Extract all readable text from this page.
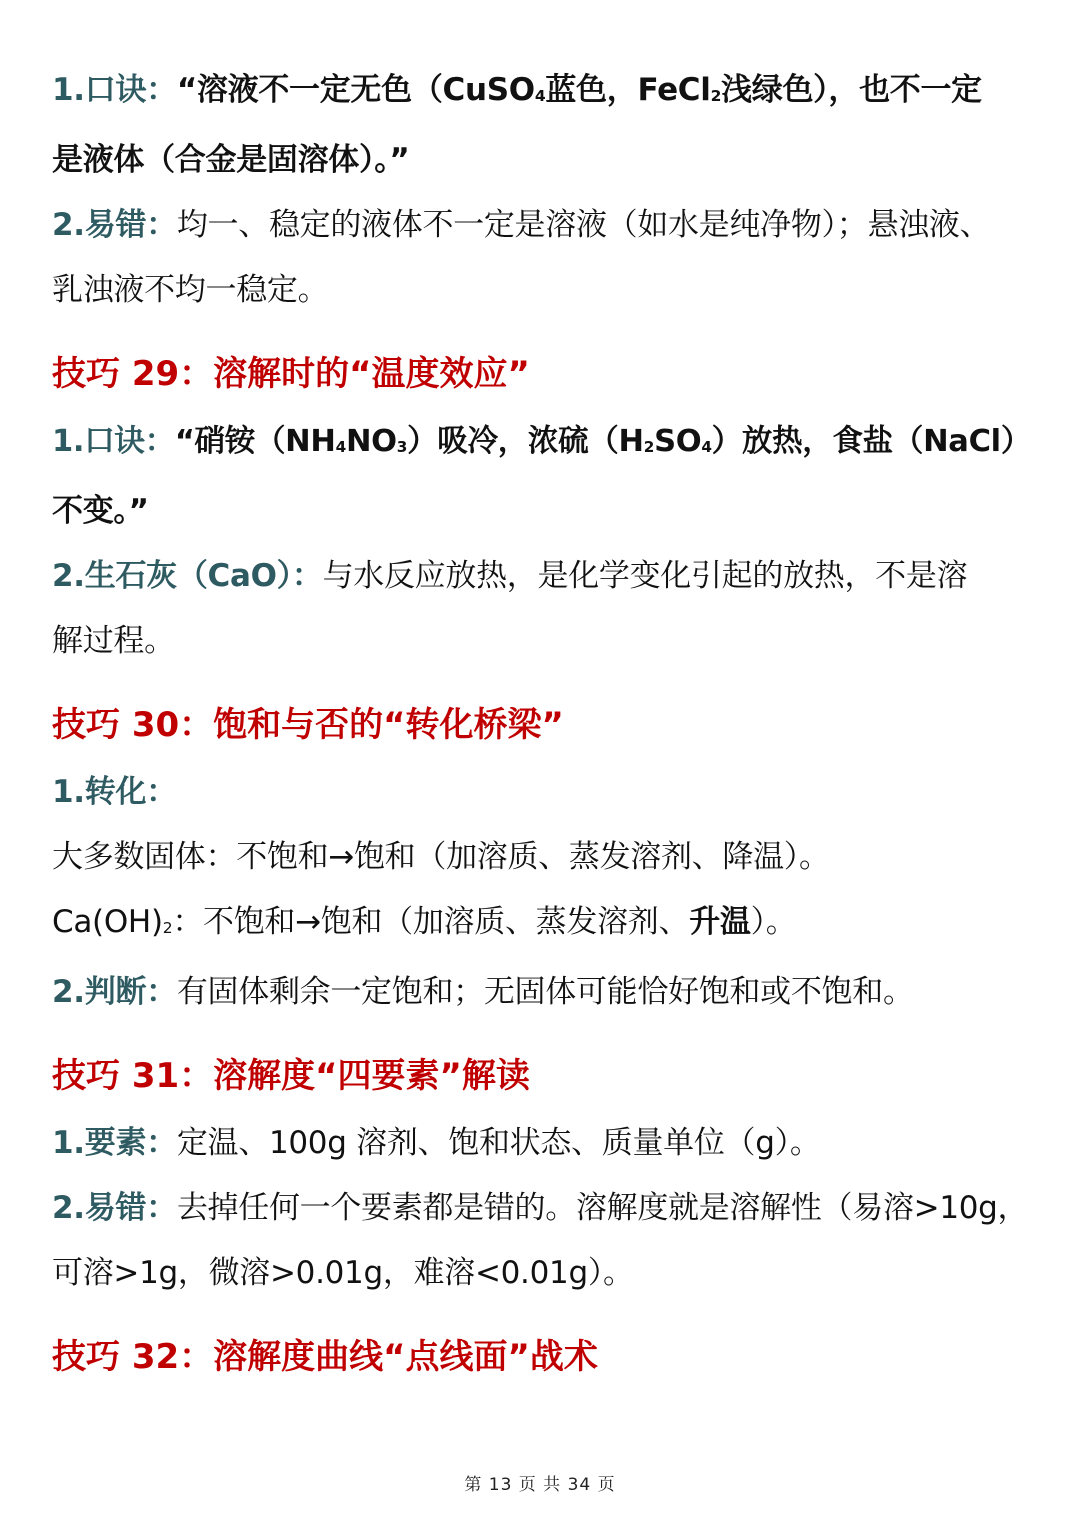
1.口诀：“溶液不一定无色（CuSO$_4$蓝色，FeCl$_2$浅绿色），也不一定
是液体（合金是固溶体）。”
2.易错：均一、稳定的液体不一定是溶液（如水是纯净物）；悬浊液、
乳浊液不均一稳定。
技巧 29：溶解时的“温度效应”
1.口诀：“硝铵$(NH_4NO_3)$吸冷，浓硫$(H_2SO_4)$放热，食盐（NaCl）
不变。”
2.生石灰（CaO）：与水反应放热，是化学变化引起的放热，不是溶
解过程。
技巧 30：饱和与否的“转化桥梁”
1.转化：
大多数固体：不饱和→饱和（加溶质、蒸发溶剂、降温）。
$Ca(OH)_2$：不饱和→饱和（加溶质、蒸发溶剂、升温）。
2.判断：有固体剩余一定饱和；无固体可能恰好饱和或不饱和。
技巧 31：溶解度“四要素”解读
1.要素：定温、100g 溶剂、饱和状态、质量单位（g）。
2.易错：去掉任何一个要素都是错的。溶解度就是溶解性（易溶>10g，
可溶>1g，微溶>0.01g，难溶<0.01g）。
技巧 32：溶解度曲线“点线面”战术
第 13 页 共 34 页
